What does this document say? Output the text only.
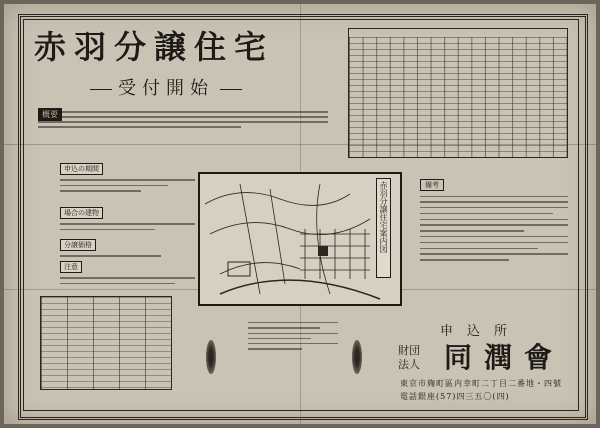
赤羽分譲住宅
受付開始
概要
申込の期間
場合の建物
分譲価格
注意
赤羽分譲住宅案内図	備考
申込所
財団法人 同潤會
東京市麹町區内幸町二丁目二番地・四號
電話銀座(57)四三五〇(四)
